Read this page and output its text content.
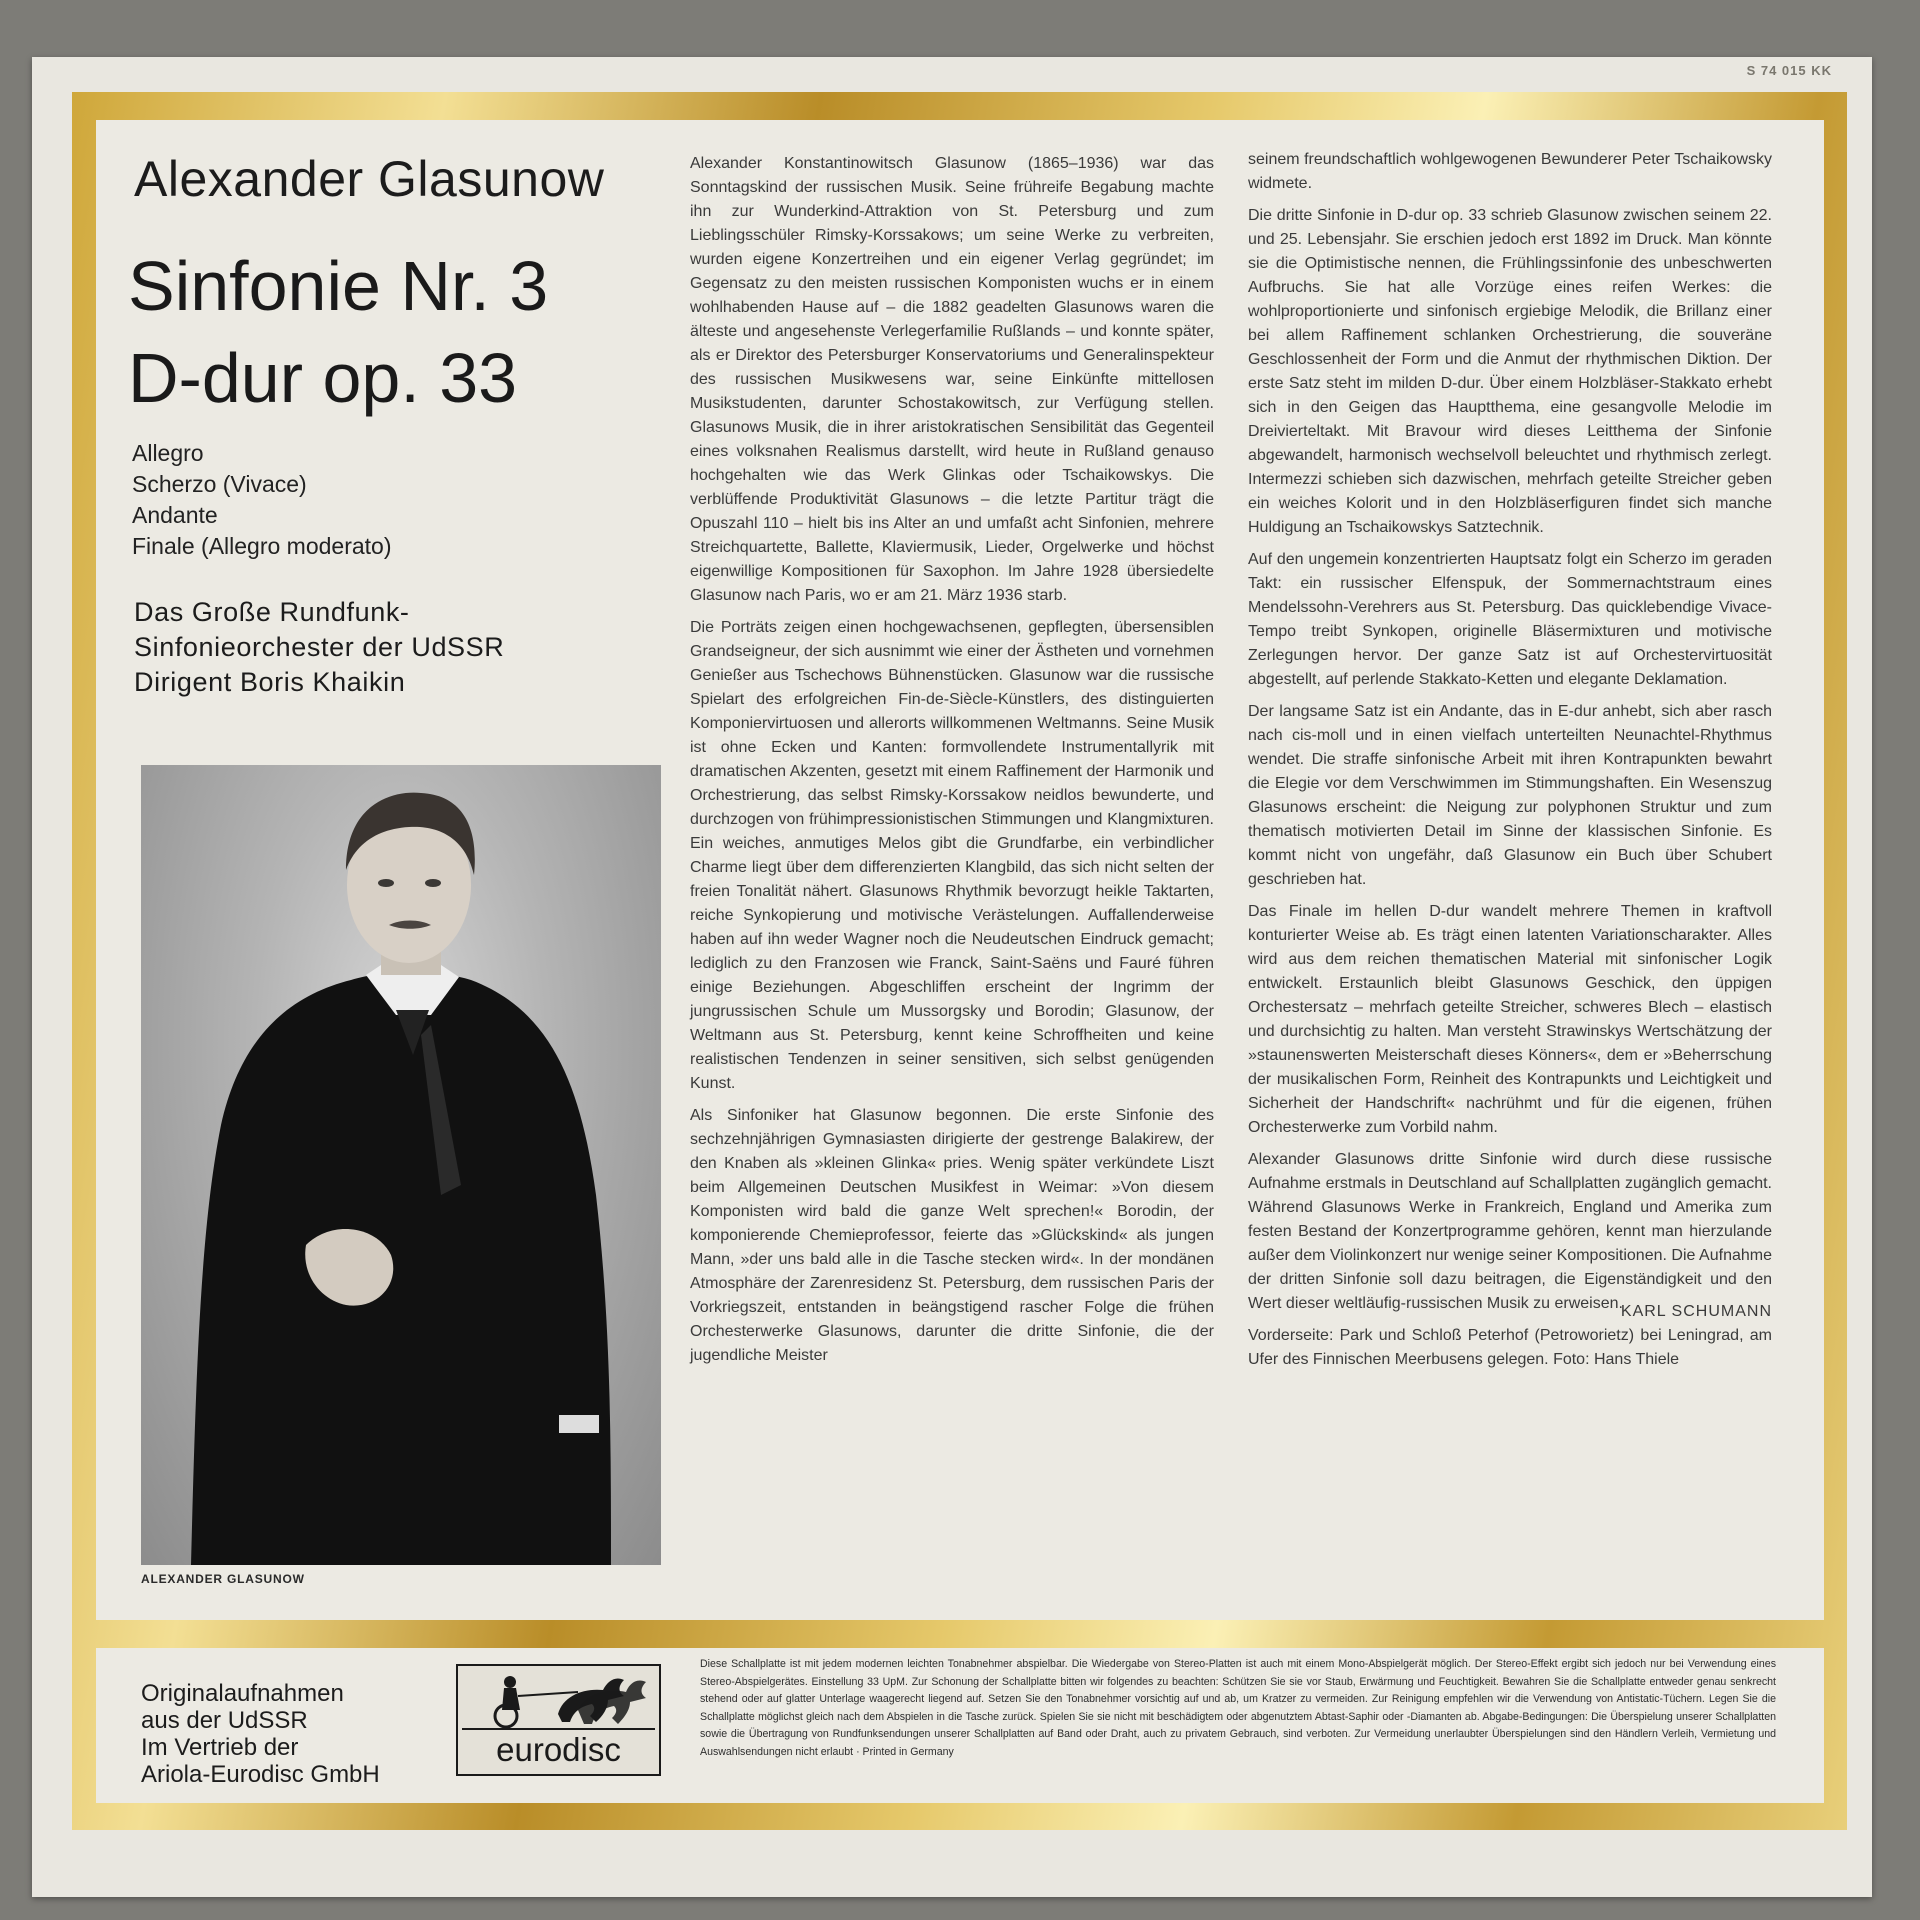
S 74 015 KK
Alexander Glasunow
Sinfonie Nr. 3
D-dur op. 33
Allegro
Scherzo (Vivace)
Andante
Finale (Allegro moderato)
Das Große Rundfunk-
Sinfonieorchester der UdSSR
Dirigent Boris Khaikin
ALEXANDER GLASUNOW

Alexander Konstantinowitsch Glasunow (1865–1936) war das Sonntagskind der russischen Musik. Seine frühreife Begabung machte ihn zur Wunderkind-Attraktion von St. Petersburg und zum Lieblingsschüler Rimsky-Korssakows; um seine Werke zu verbreiten, wurden eigene Konzertreihen und ein eigener Verlag gegründet; im Gegensatz zu den meisten russischen Komponisten wuchs er in einem wohlhabenden Hause auf – die 1882 geadelten Glasunows waren die älteste und angesehenste Verlegerfamilie Rußlands – und konnte später, als er Direktor des Petersburger Konservatoriums und Generalinspekteur des russischen Musikwesens war, seine Einkünfte mittellosen Musikstudenten, darunter Schostakowitsch, zur Verfügung stellen. Glasunows Musik, die in ihrer aristokratischen Sensibilität das Gegenteil eines volksnahen Realismus darstellt, wird heute in Rußland genauso hochgehalten wie das Werk Glinkas oder Tschaikowskys. Die verblüffende Produktivität Glasunows – die letzte Partitur trägt die Opuszahl 110 – hielt bis ins Alter an und umfaßt acht Sinfonien, mehrere Streichquartette, Ballette, Klaviermusik, Lieder, Orgelwerke und höchst eigenwillige Kompositionen für Saxophon. Im Jahre 1928 übersiedelte Glasunow nach Paris, wo er am 21. März 1936 starb.

Die Porträts zeigen einen hochgewachsenen, gepflegten, übersensiblen Grandseigneur, der sich ausnimmt wie einer der Ästheten und vornehmen Genießer aus Tschechows Bühnenstücken. Glasunow war die russische Spielart des erfolgreichen Fin-de-Siècle-Künstlers, des distinguierten Komponiervirtuosen und allerorts willkommenen Weltmanns. Seine Musik ist ohne Ecken und Kanten: formvollendete Instrumentallyrik mit dramatischen Akzenten, gesetzt mit einem Raffinement der Harmonik und Orchestrierung, das selbst Rimsky-Korssakow neidlos bewunderte, und durchzogen von frühimpressionistischen Stimmungen und Klangmixturen. Ein weiches, anmutiges Melos gibt die Grundfarbe, ein verbindlicher Charme liegt über dem differenzierten Klangbild, das sich nicht selten der freien Tonalität nähert. Glasunows Rhythmik bevorzugt heikle Taktarten, reiche Synkopierung und motivische Verästelungen. Auffallenderweise haben auf ihn weder Wagner noch die Neudeutschen Eindruck gemacht; lediglich zu den Franzosen wie Franck, Saint-Saëns und Fauré führen einige Beziehungen. Abgeschliffen erscheint der Ingrimm der jungrussischen Schule um Mussorgsky und Borodin; Glasunow, der Weltmann aus St. Petersburg, kennt keine Schroffheiten und keine realistischen Tendenzen in seiner sensitiven, sich selbst genügenden Kunst.

Als Sinfoniker hat Glasunow begonnen. Die erste Sinfonie des sechzehnjährigen Gymnasiasten dirigierte der gestrenge Balakirew, der den Knaben als »kleinen Glinka« pries. Wenig später verkündete Liszt beim Allgemeinen Deutschen Musikfest in Weimar: »Von diesem Komponisten wird bald die ganze Welt sprechen!« Borodin, der komponierende Chemieprofessor, feierte das »Glückskind« als jungen Mann, »der uns bald alle in die Tasche stecken wird«. In der mondänen Atmosphäre der Zarenresidenz St. Petersburg, dem russischen Paris der Vorkriegszeit, entstanden in beängstigend rascher Folge die frühen Orchesterwerke Glasunows, darunter die dritte Sinfonie, die der jugendliche Meister

seinem freundschaftlich wohlgewogenen Bewunderer Peter Tschaikowsky widmete.

Die dritte Sinfonie in D-dur op. 33 schrieb Glasunow zwischen seinem 22. und 25. Lebensjahr. Sie erschien jedoch erst 1892 im Druck. Man könnte sie die Optimistische nennen, die Frühlingssinfonie des unbeschwerten Aufbruchs. Sie hat alle Vorzüge eines reifen Werkes: die wohlproportionierte und sinfonisch ergiebige Melodik, die Brillanz einer bei allem Raffinement schlanken Orchestrierung, die souveräne Geschlossenheit der Form und die Anmut der rhythmischen Diktion. Der erste Satz steht im milden D-dur. Über einem Holzbläser-Stakkato erhebt sich in den Geigen das Hauptthema, eine gesangvolle Melodie im Dreivierteltakt. Mit Bravour wird dieses Leitthema der Sinfonie abgewandelt, harmonisch wechselvoll beleuchtet und rhythmisch zerlegt. Intermezzi schieben sich dazwischen, mehrfach geteilte Streicher geben ein weiches Kolorit und in den Holzbläserfiguren findet sich manche Huldigung an Tschaikowskys Satztechnik.

Auf den ungemein konzentrierten Hauptsatz folgt ein Scherzo im geraden Takt: ein russischer Elfenspuk, der Sommernachtstraum eines Mendelssohn-Verehrers aus St. Petersburg. Das quicklebendige Vivace-Tempo treibt Synkopen, originelle Bläsermixturen und motivische Zerlegungen hervor. Der ganze Satz ist auf Orchestervirtuosität abgestellt, auf perlende Stakkato-Ketten und elegante Deklamation.

Der langsame Satz ist ein Andante, das in E-dur anhebt, sich aber rasch nach cis-moll und in einen vielfach unterteilten Neunachtel-Rhythmus wendet. Die straffe sinfonische Arbeit mit ihren Kontrapunkten bewahrt die Elegie vor dem Verschwimmen im Stimmungshaften. Ein Wesenszug Glasunows erscheint: die Neigung zur polyphonen Struktur und zum thematisch motivierten Detail im Sinne der klassischen Sinfonie. Es kommt nicht von ungefähr, daß Glasunow ein Buch über Schubert geschrieben hat.

Das Finale im hellen D-dur wandelt mehrere Themen in kraftvoll konturierter Weise ab. Es trägt einen latenten Variationscharakter. Alles wird aus dem reichen thematischen Material mit sinfonischer Logik entwickelt. Erstaunlich bleibt Glasunows Geschick, den üppigen Orchestersatz – mehrfach geteilte Streicher, schweres Blech – elastisch und durchsichtig zu halten. Man versteht Strawinskys Wertschätzung der »staunenswerten Meisterschaft dieses Könners«, dem er »Beherrschung der musikalischen Form, Reinheit des Kontrapunkts und Leichtigkeit und Sicherheit der Handschrift« nachrühmt und für die eigenen, frühen Orchesterwerke zum Vorbild nahm.

Alexander Glasunows dritte Sinfonie wird durch diese russische Aufnahme erstmals in Deutschland auf Schallplatten zugänglich gemacht. Während Glasunows Werke in Frankreich, England und Amerika zum festen Bestand der Konzertprogramme gehören, kennt man hierzulande außer dem Violinkonzert nur wenige seiner Kompositionen. Die Aufnahme der dritten Sinfonie soll dazu beitragen, die Eigenständigkeit und den Wert dieser weltläufig-russischen Musik zu erweisen.

KARL SCHUMANN

Vorderseite: Park und Schloß Peterhof (Petroworietz) bei Leningrad, am Ufer des Finnischen Meerbusens gelegen. Foto: Hans Thiele

Originalaufnahmen
aus der UdSSR
Im Vertrieb der
Ariola-Eurodisc GmbH
eurodisc
Diese Schallplatte ist mit jedem modernen leichten Tonabnehmer abspielbar. Die Wiedergabe von Stereo-Platten ist auch mit einem Mono-Abspielgerät möglich. Der Stereo-Effekt ergibt sich jedoch nur bei Verwendung eines Stereo-Abspielgerätes. Einstellung 33 UpM. Zur Schonung der Schallplatte bitten wir folgendes zu beachten: Schützen Sie sie vor Staub, Erwärmung und Feuchtigkeit. Bewahren Sie die Schallplatte entweder genau senkrecht stehend oder auf glatter Unterlage waagerecht liegend auf. Setzen Sie den Tonabnehmer vorsichtig auf und ab, um Kratzer zu vermeiden. Zur Reinigung empfehlen wir die Verwendung von Antistatic-Tüchern. Legen Sie die Schallplatte möglichst gleich nach dem Abspielen in die Tasche zurück. Spielen Sie sie nicht mit beschädigtem oder abgenutztem Abtast-Saphir oder -Diamanten ab. Abgabe-Bedingungen: Die Überspielung unserer Schallplatten sowie die Übertragung von Rundfunksendungen unserer Schallplatten auf Band oder Draht, auch zu privatem Gebrauch, sind verboten. Zur Vermeidung unerlaubter Überspielungen sind den Händlern Verleih, Vermietung und Auswahlsendungen nicht erlaubt · Printed in Germany
